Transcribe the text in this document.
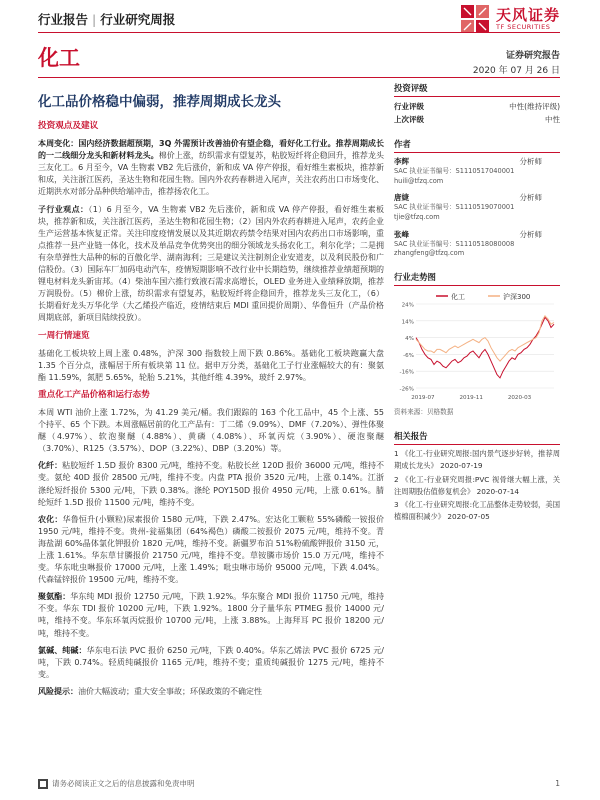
行业报告 | 行业研究周报	天风证券
TF SECURITIES
化工	证券研究报告
2020 年 07 月 26 日
化工品价格稳中偏弱，推荐周期成长龙头
投资观点及建议
本周变化：国内经济数据超预期，3Q 外需预计改善油价有望企稳，看好化工行业。推荐周期成长的一二线细分龙头和新材料龙头。棉价上涨，纺织需求有望复苏，粘胶短纤将企稳回升，推荐龙头三友化工。6 月至今，VA 生物素 VB2 先后涨价，新和成 VA 停产停报，看好维生素板块，推荐新和成，关注浙江医药，圣达生物和花园生物。国内外农药春耕进入尾声，关注农药出口市场变化、近期洪水对部分品种供给端冲击，推荐扬农化工。
子行业观点：（1）6 月至今，VA 生物素 VB2 先后涨价，新和成 VA 停产停报，看好维生素板块，推荐新和成，关注浙江医药，圣达生物和花园生物；（2）国内外农药春耕进入尾声，农药企业生产运营基本恢复正常。关注印度疫情发展以及其近期农药禁令结果对国内农药出口市场影响，重点推荐一县产业链一体化，技术及单品竞争优势突出的细分领域龙头扬农化工，利尔化学；二是拥有杂草弹性大品种的标的百傲化学、湖南海利；三是建议关注制剂企业安道麦，以及利民股份和广信股份。（3）国际车厂加码电动汽车，疫情短期影响不改行业中长期趋势，继续推荐业绩超预期的锂电材料龙头新宙邦。（4）柴油车国六推行致液石需求高增长，OLED 业务进入业绩释放期，推荐万润股份。（5）棉价上涨，纺织需求有望复苏，粘胶短纤将企稳回升，推荐龙头三友化工，（6）长期看好龙头万华化学（大乙烯投产临近，疫情结束后 MDI 重回提价周期）、华鲁恒升（产品价格周期底部，新项目陆续投放）。
一周行情速览
基础化工板块较上周上涨 0.48%，沪深 300 指数较上周下跌 0.86%。基础化工板块跑赢大盘 1.35 个百分点，涨幅居于所有板块第 11 位。据申万分类，基础化工子行业涨幅较大的有：聚氨酯 11.59%，氮肥 5.65%，轮胎 5.21%，其他纤维 4.39%，玻纤 2.97%。
重点化工产品价格和运行态势
本周 WTI 油价上涨 1.72%，为 41.29 美元/桶。我们跟踪的 163 个化工品中，45 个上涨、55 个持平、65 个下跌。本周涨幅居前的化工产品有：丁二烯（9.09%）、DMF（7.20%）、弹性体聚醚（4.97%）、软泡聚醚（4.88%）、黄磷（4.08%）、环氧丙烷（3.90%）、硬泡聚醚（3.70%）、R125（3.57%）、DOP（3.22%）、DBP（3.20%）等。
化纤：粘胶短纤 1.5D 报价 8300 元/吨，维持不变。粘胶长丝 120D 报价 36000 元/吨，维持不变。氨纶 40D 报价 28500 元/吨，维持不变。内盘 PTA 报价 3520 元/吨，上涨 0.14%。江浙涤纶短纤报价 5300 元/吨，下跌 0.38%。涤纶 POY150D 报价 4950 元/吨，上涨 0.61%。腈纶短纤 1.5D 报价 11500 元/吨，维持不变。
农化：华鲁恒升(小颗粒)尿素报价 1580 元/吨，下跌 2.47%。宏达化工颗粒 55%磷酸一铵报价 1950 元/吨，维持不变。贵州-瓮福集团（64%褐色）磷酸二铵报价 2075 元/吨，维持不变。青海盐湖 60%晶体氯化钾报价 1820 元/吨，维持不变。新疆罗布泊 51%粉硫酸钾报价 3150 元，上涨 1.61%。华东草甘膦报价 21750 元/吨，维持不变。草铵膦市场价 15.0 万元/吨，维持不变。华东吡虫啉报价 17000 元/吨，上涨 1.49%；吡虫啉市场价 95000 元/吨，下跌 4.04%。代森锰锌报价 19500 元/吨，维持不变。
聚氨酯：华东纯 MDI 报价 12750 元/吨，下跌 1.92%。华东聚合 MDI 报价 11750 元/吨，维持不变。华东 TDI 报价 10200 元/吨，下跌 1.92%。1800 分子量华东 PTMEG 报价 14000 元/吨，维持不变。华东环氧丙烷报价 10700 元/吨，上涨 3.88%。上海拜耳 PC 报价 18200 元/吨，维持不变。
氯碱、纯碱：华东电石法 PVC 报价 6250 元/吨，下跌 0.40%。华东乙烯法 PVC 报价 6725 元/吨，下跌 0.74%。轻质纯碱报价 1165 元/吨，维持不变；重质纯碱报价 1275 元/吨，维持不变。
风险提示：油价大幅波动；重大安全事故；环保政策的不确定性
投资评级
行业评级	中性(维持评级)
上次评级	中性
作者
李辉	分析师
SAC 执业证书编号：S1110517040001
huili@tfzq.com
唐婕	分析师
SAC 执业证书编号：S1110519070001
tjie@tfzq.com
张峰	分析师
SAC 执业证书编号：S1110518080008
zhangfeng@tfzq.com
行业走势图
化工	沪深300
24%
14%
4%
-6%
-16%
-26%
2019-07	2019-11	2020-03
资料来源：贝格数据
相关报告
1 《化工-行业研究周报:国内景气逐步好转，推荐周期成长龙头》 2020-07-19
2 《化工-行业研究周报:PVC 视骨继大幅上涨，关注周期股估值修复机会》 2020-07-14
3 《化工-行业研究周报:化工品整体走势较弱，美国植棉面积减少》 2020-07-05
请务必阅读正文之后的信息披露和免责申明	1
